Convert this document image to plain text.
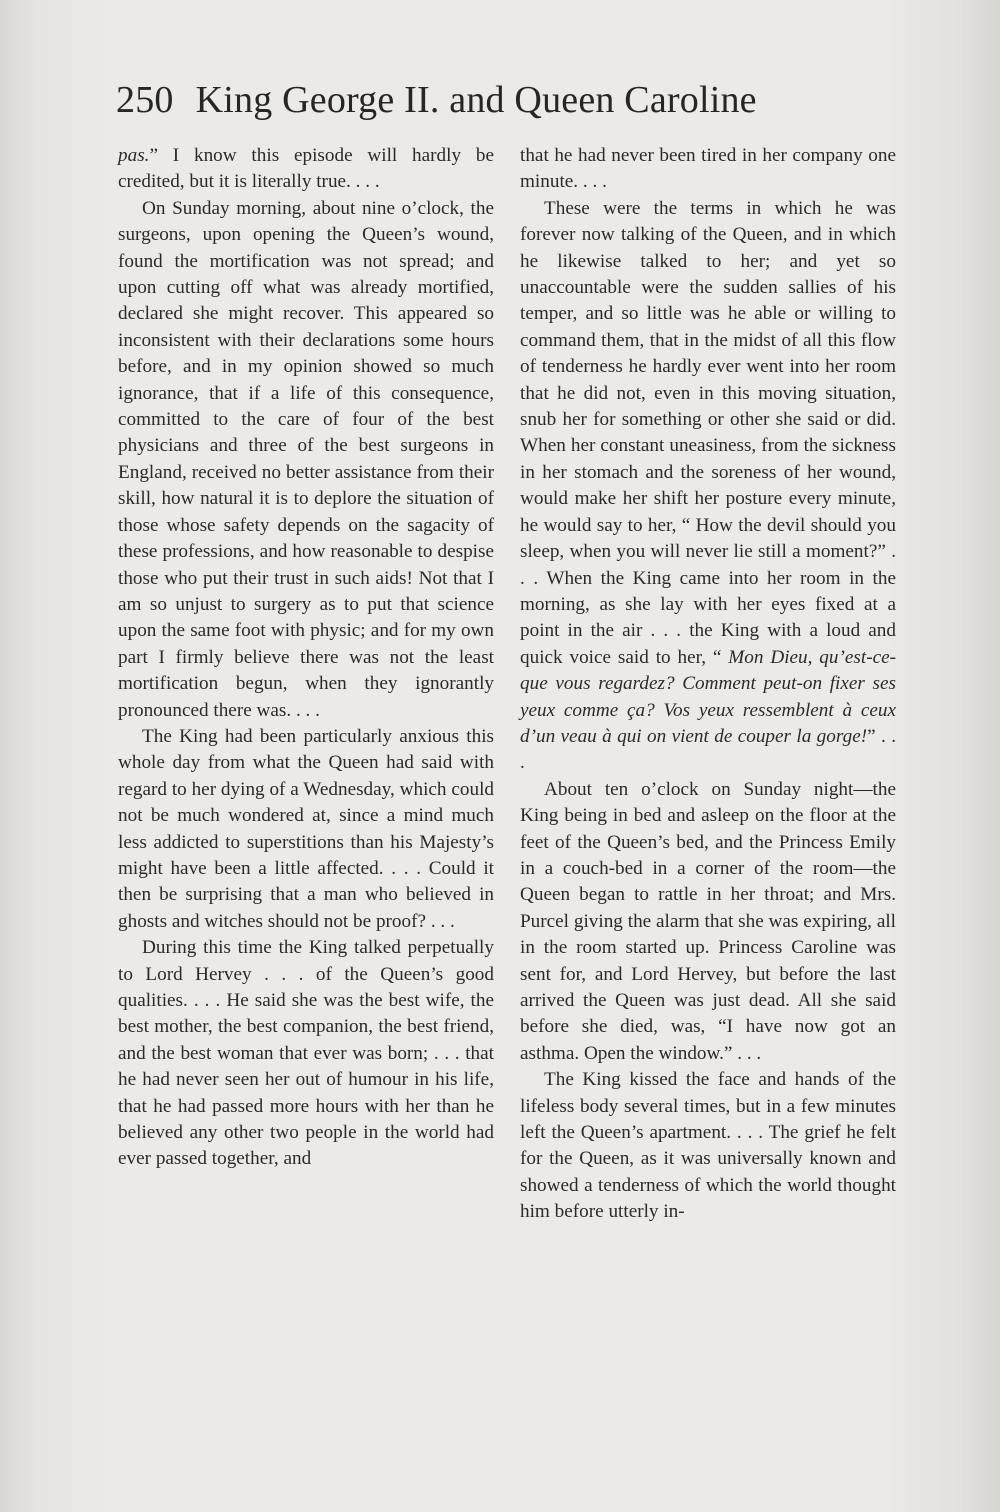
250 King George II. and Queen Caroline

pas.” I know this episode will hardly be credited, but it is literally true. . . .

On Sunday morning, about nine o’clock, the surgeons, upon opening the Queen’s wound, found the mortification was not spread; and upon cutting off what was already mortified, declared she might recover. This appeared so inconsistent with their declarations some hours before, and in my opinion showed so much ignorance, that if a life of this consequence, committed to the care of four of the best physicians and three of the best surgeons in England, received no better assistance from their skill, how natural it is to deplore the situation of those whose safety depends on the sagacity of these professions, and how reasonable to despise those who put their trust in such aids! Not that I am so unjust to surgery as to put that science upon the same foot with physic; and for my own part I firmly believe there was not the least mortification begun, when they ignorantly pronounced there was. . . .

The King had been particularly anxious this whole day from what the Queen had said with regard to her dying of a Wednesday, which could not be much wondered at, since a mind much less addicted to superstitions than his Majesty’s might have been a little affected. . . . Could it then be surprising that a man who believed in ghosts and witches should not be proof? . . .

During this time the King talked perpetually to Lord Hervey . . . of the Queen’s good qualities. . . . He said she was the best wife, the best mother, the best companion, the best friend, and the best woman that ever was born; . . . that he had never seen her out of humour in his life, that he had passed more hours with her than he believed any other two people in the world had ever passed together, and

that he had never been tired in her company one minute. . . .

These were the terms in which he was forever now talking of the Queen, and in which he likewise talked to her; and yet so unaccountable were the sudden sallies of his temper, and so little was he able or willing to command them, that in the midst of all this flow of tenderness he hardly ever went into her room that he did not, even in this moving situation, snub her for something or other she said or did. When her constant uneasiness, from the sickness in her stomach and the soreness of her wound, would make her shift her posture every minute, he would say to her, “ How the devil should you sleep, when you will never lie still a moment?” . . . When the King came into her room in the morning, as she lay with her eyes fixed at a point in the air . . . the King with a loud and quick voice said to her, “ Mon Dieu, qu’est-ce-que vous regardez? Comment peut-on fixer ses yeux comme ça? Vos yeux ressemblent à ceux d’un veau à qui on vient de couper la gorge!” . . .

About ten o’clock on Sunday night—the King being in bed and asleep on the floor at the feet of the Queen’s bed, and the Princess Emily in a couch-bed in a corner of the room—the Queen began to rattle in her throat; and Mrs. Purcel giving the alarm that she was expiring, all in the room started up. Princess Caroline was sent for, and Lord Hervey, but before the last arrived the Queen was just dead. All she said before she died, was, “I have now got an asthma. Open the window.” . . .

The King kissed the face and hands of the lifeless body several times, but in a few minutes left the Queen’s apartment. . . . The grief he felt for the Queen, as it was universally known and showed a tenderness of which the world thought him before utterly in-
